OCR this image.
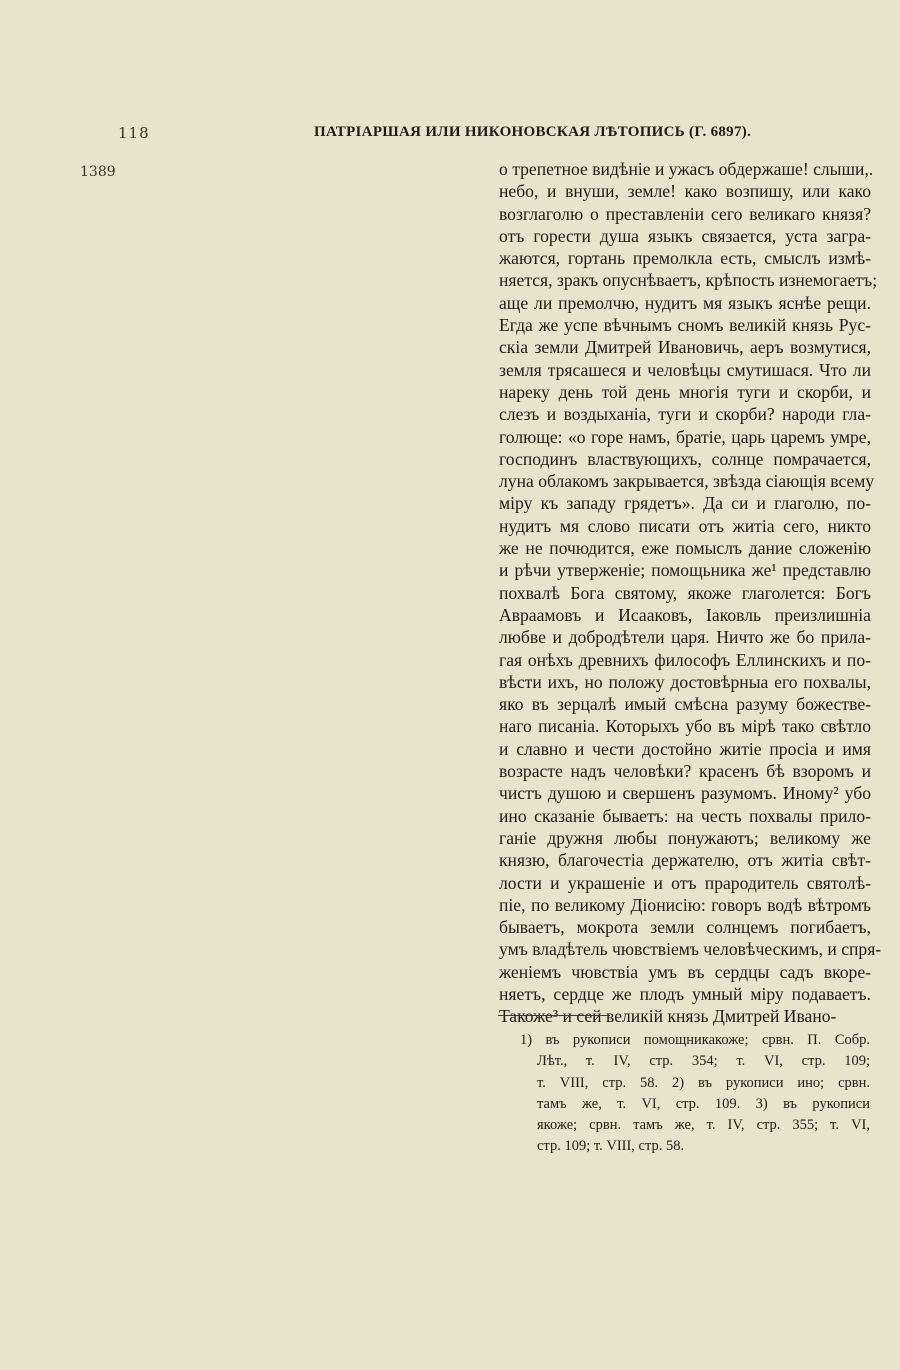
118	ПАТРІАРШАЯ ИЛИ НИКОНОВСКАЯ ЛѢТОПИСЬ (Г. 6897).
1389	о трепетное видѣніе и ужасъ обдержаше! слыши,.
небо, и внуши, земле! како возпишу, или како
возглаголю о преставленіи сего великаго князя?
отъ горести душа языкъ связается, уста загра-
жаются, гортань премолкла есть, смыслъ измѣ-
няется, зракъ опуснѣваетъ, крѣпость изнемогаетъ;
аще ли премолчю, нудитъ мя языкъ яснѣе рещи.
Егда же успе вѣчнымъ сномъ великій князь Рус-
скіа земли Дмитрей Ивановичь, аеръ возмутися,
земля трясашеся и человѣцы смутишася. Что ли
нареку день той день многія туги и скорби, и
слезъ и воздыханіа, туги и скорби? народи гла-
голюще: «о горе намъ, братіе, царь царемъ умре,
господинъ властвующихъ, солнце помрачается,
луна облакомъ закрывается, звѣзда сіающія всему
міру къ западу грядетъ». Да си и глаголю, по-
нудитъ мя слово писати отъ житіа сего, никто
же не почюдится, еже помыслъ дание сложенію
и рѣчи утверженіе; помощьника же¹ представлю
похвалѣ Бога святому, якоже глаголется: Богъ
Авраамовъ и Исааковъ, Іаковль преизлишніа
любве и добродѣтели царя. Ничто же бо прила-
гая онѣхъ древнихъ философъ Еллинскихъ и по-
вѣсти ихъ, но положу достовѣрныа его похвалы,
яко въ зерцалѣ имый смѣсна разуму божестве-
наго писаніа. Которыхъ убо въ мірѣ тако свѣтло
и славно и чести достойно житіе просіа и имя
возрасте надъ человѣки? красенъ бѣ взоромъ и
чистъ душою и свершенъ разумомъ. Иному² убо
ино сказаніе бываетъ: на честь похвалы прило-
ганіе дружня любы понужаютъ; великому же
князю, благочестіа держателю, отъ житіа свѣт-
лости и украшеніе и отъ прародитель святолѣ-
піе, по великому Діонисію: говоръ водѣ вѣтромъ
бываетъ, мокрота земли солнцемъ погибаетъ,
умъ владѣтель чювствіемъ человѣческимъ, и спря-
женіемъ чювствіа умъ въ сердцы садъ вкоре-
няетъ, сердце же плодъ умный міру подаваетъ.
Такоже³ и сей великій князь Дмитрей Ивано-
1) въ рукописи помощникакоже; срвн. П. Собр.
Лѣт., т. IV, стр. 354; т. VI, стр. 109;
т. VIII, стр. 58. 2) въ рукописи ино; срвн.
тамъ же, т. VI, стр. 109. 3) въ рукописи
якоже; срвн. тамъ же, т. IV, стр. 355; т. VI,
стр. 109; т. VIII, стр. 58.
